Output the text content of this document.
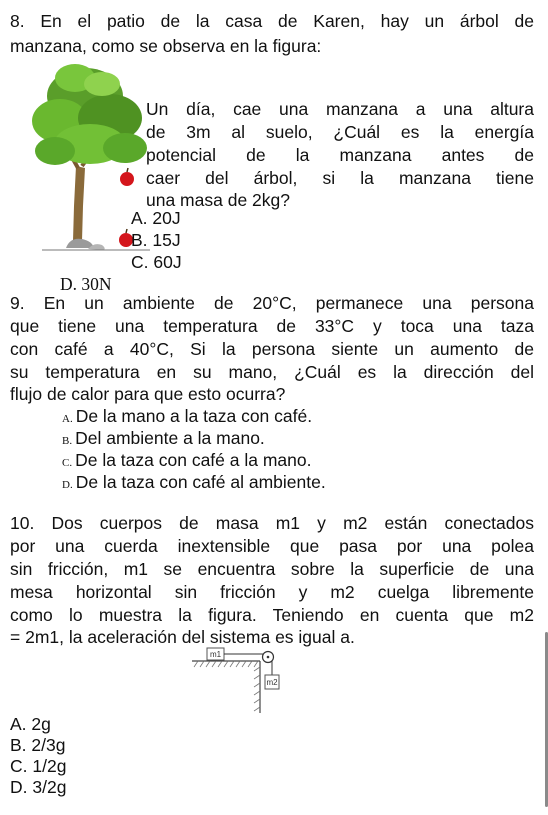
8. En el patio de la casa de Karen, hay un árbol de
manzana, como se observa en la figura:
Un día, cae una manzana a una altura
de 3m al suelo, ¿Cuál es la energía
potencial de la manzana antes de
caer del árbol, si la manzana tiene
una masa de 2kg?
A. 20J
B. 15J
C. 60J
D. 30N
9. En un ambiente de 20°C, permanece una persona
que tiene una temperatura de 33°C y toca una taza
con café a 40°C, Si la persona siente un aumento de
su temperatura en su mano, ¿Cuál es la dirección del
flujo de calor para que esto ocurra?
A. De la mano a la taza con café.
B. Del ambiente a la mano.
C. De la taza con café a la mano.
D. De la taza con café al ambiente.
10. Dos cuerpos de masa m1 y m2 están conectados
por una cuerda inextensible que pasa por una polea
sin fricción, m1 se encuentra sobre la superficie de una
mesa horizontal sin fricción y m2 cuelga libremente
como lo muestra la figura. Teniendo en cuenta que m2
= 2m1, la aceleración del sistema es igual a.
m1
m2
A. 2g
B. 2/3g
C. 1/2g
D. 3/2g
